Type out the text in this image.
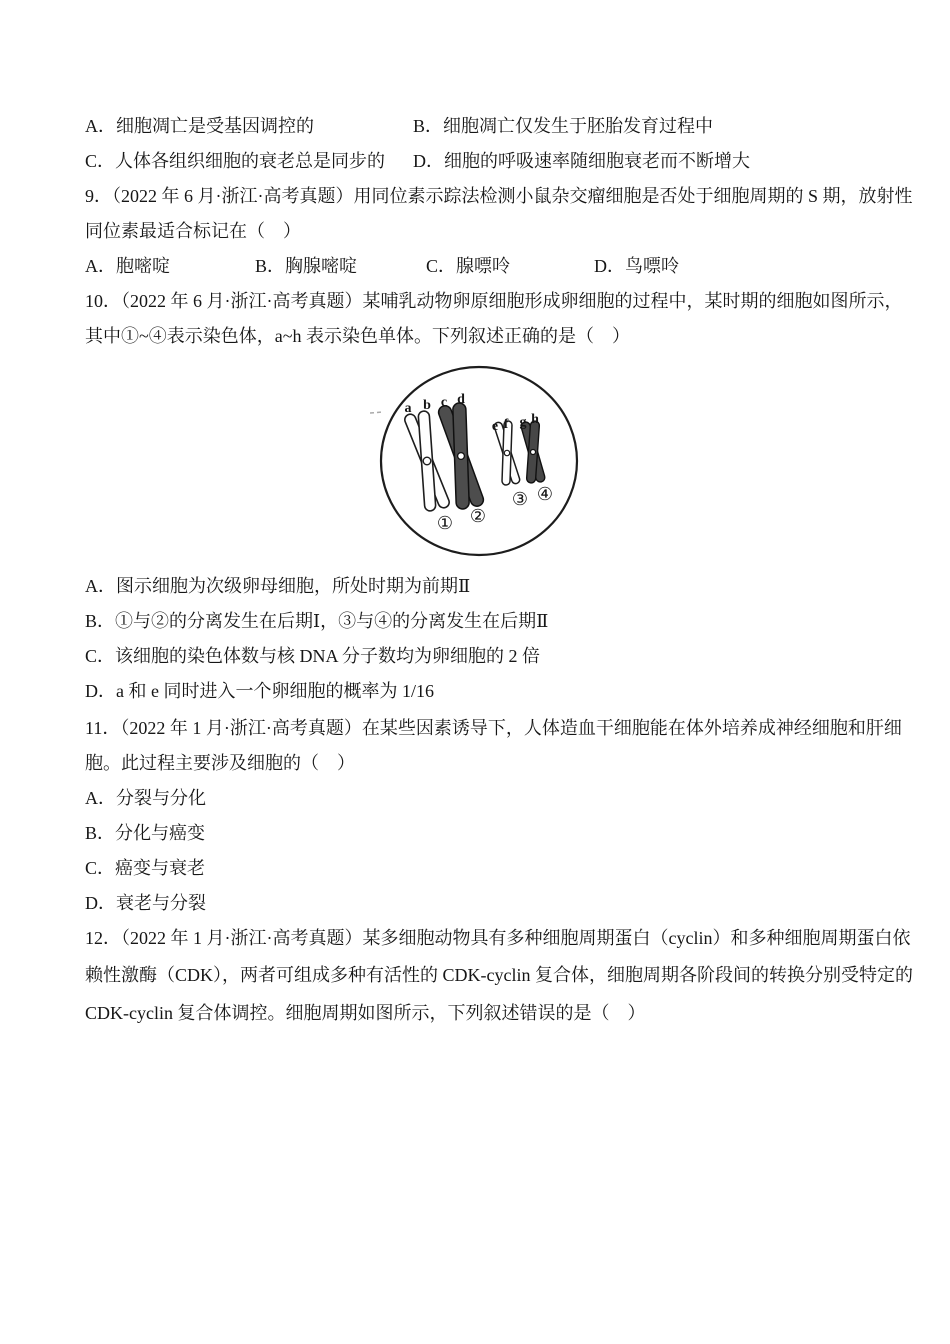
A．细胞凋亡是受基因调控的	B．细胞凋亡仅发生于胚胎发育过程中
C．人体各组织细胞的衰老总是同步的 D．细胞的呼吸速率随细胞衰老而不断增大
9．（2022 年 6 月·浙江·高考真题）用同位素示踪法检测小鼠杂交瘤细胞是否处于细胞周期的 S 期，放射性
同位素最适合标记在（　）
A．胞嘧啶	B．胸腺嘧啶	C．腺嘌呤	D．鸟嘌呤
10．（2022 年 6 月·浙江·高考真题）某哺乳动物卵原细胞形成卵细胞的过程中，某时期的细胞如图所示，
其中①~④表示染色体，a~h 表示染色单体。下列叙述正确的是（　）
a b c d
e f g h
① ②
③ ④
A．图示细胞为次级卵母细胞，所处时期为前期Ⅱ
B．①与②的分离发生在后期Ⅰ，③与④的分离发生在后期Ⅱ
C．该细胞的染色体数与核 DNA 分子数均为卵细胞的 2 倍
D．a 和 e 同时进入一个卵细胞的概率为 1/16
11．（2022 年 1 月·浙江·高考真题）在某些因素诱导下，人体造血干细胞能在体外培养成神经细胞和肝细
胞。此过程主要涉及细胞的（　）
A．分裂与分化
B．分化与癌变
C．癌变与衰老
D．衰老与分裂
12．（2022 年 1 月·浙江·高考真题）某多细胞动物具有多种细胞周期蛋白（cyclin）和多种细胞周期蛋白依
赖性激酶（CDK），两者可组成多种有活性的 CDK-cyclin 复合体，细胞周期各阶段间的转换分别受特定的
CDK-cyclin 复合体调控。细胞周期如图所示，下列叙述错误的是（　）
